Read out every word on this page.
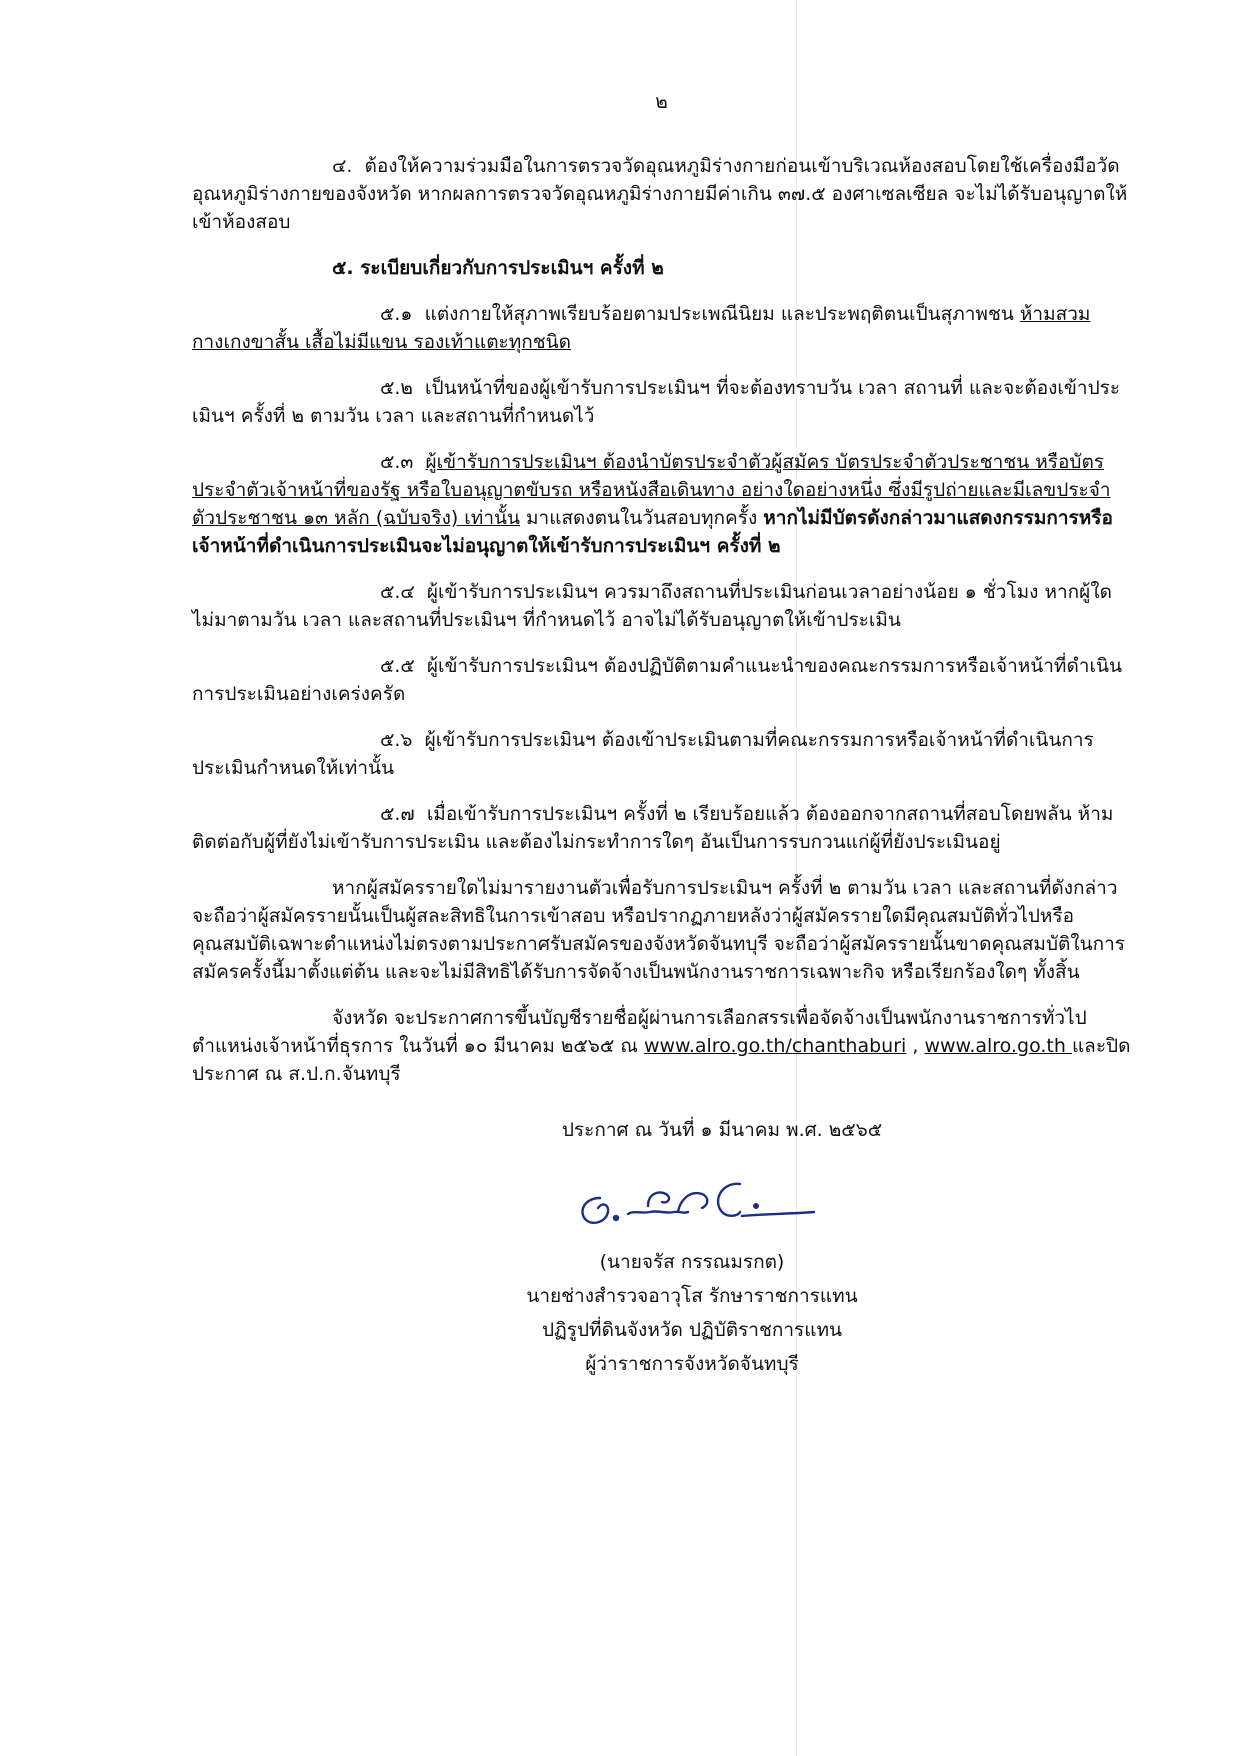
๒

๔. ต้องให้ความร่วมมือในการตรวจวัดอุณหภูมิร่างกายก่อนเข้าบริเวณห้องสอบโดยใช้เครื่องมือวัดอุณหภูมิร่างกายของจังหวัด หากผลการตรวจวัดอุณหภูมิร่างกายมีค่าเกิน ๓๗.๕ องศาเซลเซียล จะไม่ได้รับอนุญาตให้เข้าห้องสอบ

๕. ระเบียบเกี่ยวกับการประเมินฯ ครั้งที่ ๒

๕.๑ แต่งกายให้สุภาพเรียบร้อยตามประเพณีนิยม และประพฤติตนเป็นสุภาพชน ห้ามสวมกางเกงขาสั้น เสื้อไม่มีแขน รองเท้าแตะทุกชนิด

๕.๒ เป็นหน้าที่ของผู้เข้ารับการประเมินฯ ที่จะต้องทราบวัน เวลา สถานที่ และจะต้องเข้าประเมินฯ ครั้งที่ ๒ ตามวัน เวลา และสถานที่กำหนดไว้

๕.๓ ผู้เข้ารับการประเมินฯ ต้องนำบัตรประจำตัวผู้สมัคร บัตรประจำตัวประชาชน หรือบัตรประจำตัวเจ้าหน้าที่ของรัฐ หรือใบอนุญาตขับรถ หรือหนังสือเดินทาง อย่างใดอย่างหนึ่ง ซึ่งมีรูปถ่ายและมีเลขประจำตัวประชาชน ๑๓ หลัก (ฉบับจริง) เท่านั้น มาแสดงตนในวันสอบทุกครั้ง หากไม่มีบัตรดังกล่าวมาแสดงกรรมการหรือเจ้าหน้าที่ดำเนินการประเมินจะไม่อนุญาตให้เข้ารับการประเมินฯ ครั้งที่ ๒

๕.๔ ผู้เข้ารับการประเมินฯ ควรมาถึงสถานที่ประเมินก่อนเวลาอย่างน้อย ๑ ชั่วโมง หากผู้ใดไม่มาตามวัน เวลา และสถานที่ประเมินฯ ที่กำหนดไว้ อาจไม่ได้รับอนุญาตให้เข้าประเมิน

๕.๕ ผู้เข้ารับการประเมินฯ ต้องปฏิบัติตามคำแนะนำของคณะกรรมการหรือเจ้าหน้าที่ดำเนินการประเมินอย่างเคร่งครัด

๕.๖ ผู้เข้ารับการประเมินฯ ต้องเข้าประเมินตามที่คณะกรรมการหรือเจ้าหน้าที่ดำเนินการประเมินกำหนดให้เท่านั้น

๕.๗ เมื่อเข้ารับการประเมินฯ ครั้งที่ ๒ เรียบร้อยแล้ว ต้องออกจากสถานที่สอบโดยพลัน ห้ามติดต่อกับผู้ที่ยังไม่เข้ารับการประเมิน และต้องไม่กระทำการใดๆ อันเป็นการรบกวนแก่ผู้ที่ยังประเมินอยู่

หากผู้สมัครรายใดไม่มารายงานตัวเพื่อรับการประเมินฯ ครั้งที่ ๒ ตามวัน เวลา และสถานที่ดังกล่าว จะถือว่าผู้สมัครรายนั้นเป็นผู้สละสิทธิในการเข้าสอบ หรือปรากฏภายหลังว่าผู้สมัครรายใดมีคุณสมบัติทั่วไปหรือคุณสมบัติเฉพาะตำแหน่งไม่ตรงตามประกาศรับสมัครของจังหวัดจันทบุรี จะถือว่าผู้สมัครรายนั้นขาดคุณสมบัติในการสมัครครั้งนี้มาตั้งแต่ต้น และจะไม่มีสิทธิได้รับการจัดจ้างเป็นพนักงานราชการเฉพาะกิจ หรือเรียกร้องใดๆ ทั้งสิ้น

จังหวัด จะประกาศการขึ้นบัญชีรายชื่อผู้ผ่านการเลือกสรรเพื่อจัดจ้างเป็นพนักงานราชการทั่วไปตำแหน่งเจ้าหน้าที่ธุรการ ในวันที่ ๑๐ มีนาคม ๒๕๖๕ ณ www.alro.go.th/chanthaburi , www.alro.go.th และปิดประกาศ ณ ส.ป.ก.จันทบุรี

ประกาศ ณ วันที่ ๑ มีนาคม พ.ศ. ๒๕๖๕

(นายจรัส กรรณมรกต)

นายช่างสำรวจอาวุโส รักษาราชการแทน

ปฏิรูปที่ดินจังหวัด ปฏิบัติราชการแทน

ผู้ว่าราชการจังหวัดจันทบุรี
